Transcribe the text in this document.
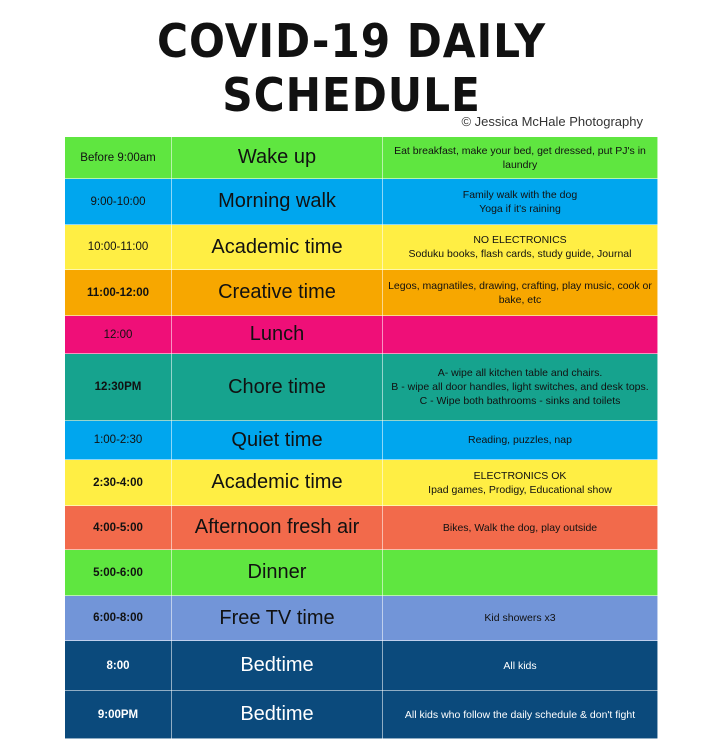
COVID-19 DAILY SCHEDULE
© Jessica McHale Photography
Before 9:00am	Wake up	Eat breakfast, make your bed, get dressed, put PJ's in
laundry

9:00-10:00	Morning walk	Family walk with the dog
Yoga if it's raining

10:00-11:00	Academic time	NO ELECTRONICS
Soduku books, flash cards, study guide, Journal

11:00-12:00	Creative time	Legos, magnatiles, drawing, crafting, play music, cook or
bake, etc

12:00	Lunch	
12:30PM	Chore time	A- wipe all kitchen table and chairs.
B - wipe all door handles, light switches, and desk tops.
C - Wipe both bathrooms - sinks and toilets

1:00-2:30	Quiet time	Reading, puzzles, nap

2:30-4:00	Academic time	ELECTRONICS OK
Ipad games, Prodigy, Educational show

4:00-5:00	Afternoon fresh air	Bikes, Walk the dog, play outside

5:00-6:00	Dinner	
6:00-8:00	Free TV time	Kid showers x3

8:00	Bedtime	All kids

9:00PM	Bedtime	All kids who follow the daily schedule & don't fight
